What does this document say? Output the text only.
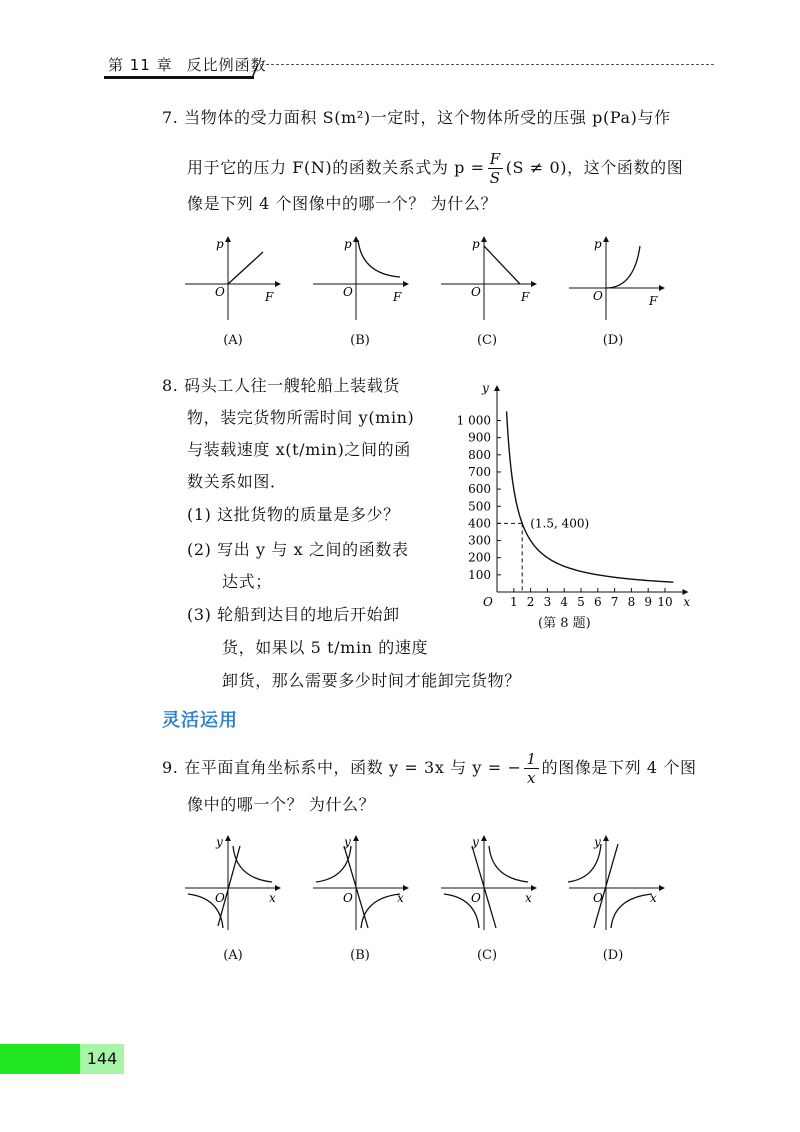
第 11 章 反比例函数
7. 当物体的受力面积 S(m²)一定时，这个物体所受的压强 p(Pa)与作
用于它的压力 F(N)的函数关系式为 $p = \frac{F}{S} (S \ne 0)$，这个函数的图
像是下列 4 个图像中的哪一个？ 为什么？
p
F
O
p
F
O
p
F
O
p
F
O
(A)	(B)	(C)	(D)
8. 码头工人往一艘轮船上装载货
物，装完货物所需时间 y(min)
与装载速度 x(t/min)之间的函
数关系如图．
(1) 这批货物的质量是多少？
(2) 写出 y 与 x 之间的函数表
达式；
(3) 轮船到达目的地后开始卸
货，如果以 5 t/min 的速度
卸货，那么需要多少时间才能卸完货物？
y
x
O 1 2 3 4 5 6 7 8 9 10
100
200
300
400
500
600
700
800
900
1 000
(1.5, 400)
(第 8 题)
灵活运用
9. 在平面直角坐标系中，函数 y = 3x 与 y = − $\frac{1}{x}$ 的图像是下列 4 个图
像中的哪一个？ 为什么？
y
x
O
y
x
O
y
x
O
y
x
O
(A)	(B)	(C)	(D)
144
